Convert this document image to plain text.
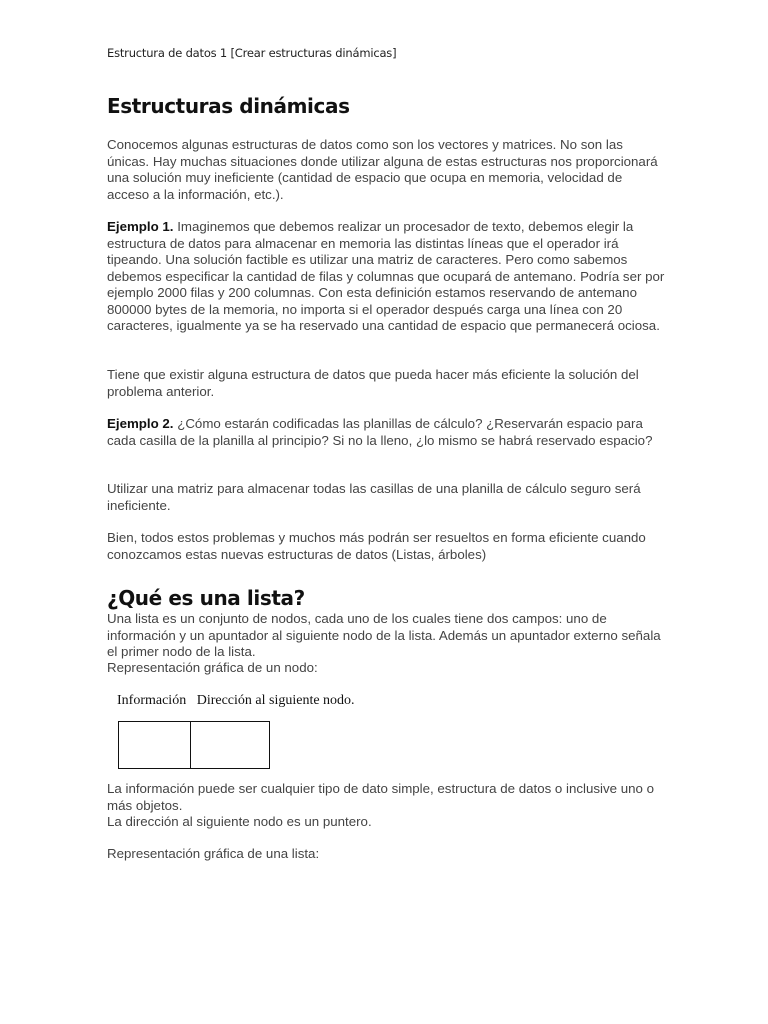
Estructura de datos 1 [Crear estructuras dinámicas]
Estructuras dinámicas

Conocemos algunas estructuras de datos como son los vectores y matrices. No son las únicas. Hay muchas situaciones donde utilizar alguna de estas estructuras nos proporcionará una solución muy ineficiente (cantidad de espacio que ocupa en memoria, velocidad de acceso a la información, etc.).

Ejemplo 1. Imaginemos que debemos realizar un procesador de texto, debemos elegir la estructura de datos para almacenar en memoria las distintas líneas que el operador irá tipeando. Una solución factible es utilizar una matriz de caracteres. Pero como sabemos debemos especificar la cantidad de filas y columnas que ocupará de antemano. Podría ser por ejemplo 2000 filas y 200 columnas. Con esta definición estamos reservando de antemano 800000 bytes de la memoria, no importa si el operador después carga una línea con 20 caracteres, igualmente ya se ha reservado una cantidad de espacio que permanecerá ociosa.

Tiene que existir alguna estructura de datos que pueda hacer más eficiente la solución del problema anterior.

Ejemplo 2. ¿Cómo estarán codificadas las planillas de cálculo? ¿Reservarán espacio para cada casilla de la planilla al principio? Si no la lleno, ¿lo mismo se habrá reservado espacio?

Utilizar una matriz para almacenar todas las casillas de una planilla de cálculo seguro será ineficiente.

Bien, todos estos problemas y muchos más podrán ser resueltos en forma eficiente cuando conozcamos estas nuevas estructuras de datos (Listas, árboles)

¿Qué es una lista?

Una lista es un conjunto de nodos, cada uno de los cuales tiene dos campos: uno de información y un apuntador al siguiente nodo de la lista. Además un apuntador externo señala el primer nodo de la lista.

Representación gráfica de un nodo:

Información Dirección al siguiente nodo.

La información puede ser cualquier tipo de dato simple, estructura de datos o inclusive uno o más objetos.

La dirección al siguiente nodo es un puntero.

Representación gráfica de una lista:
